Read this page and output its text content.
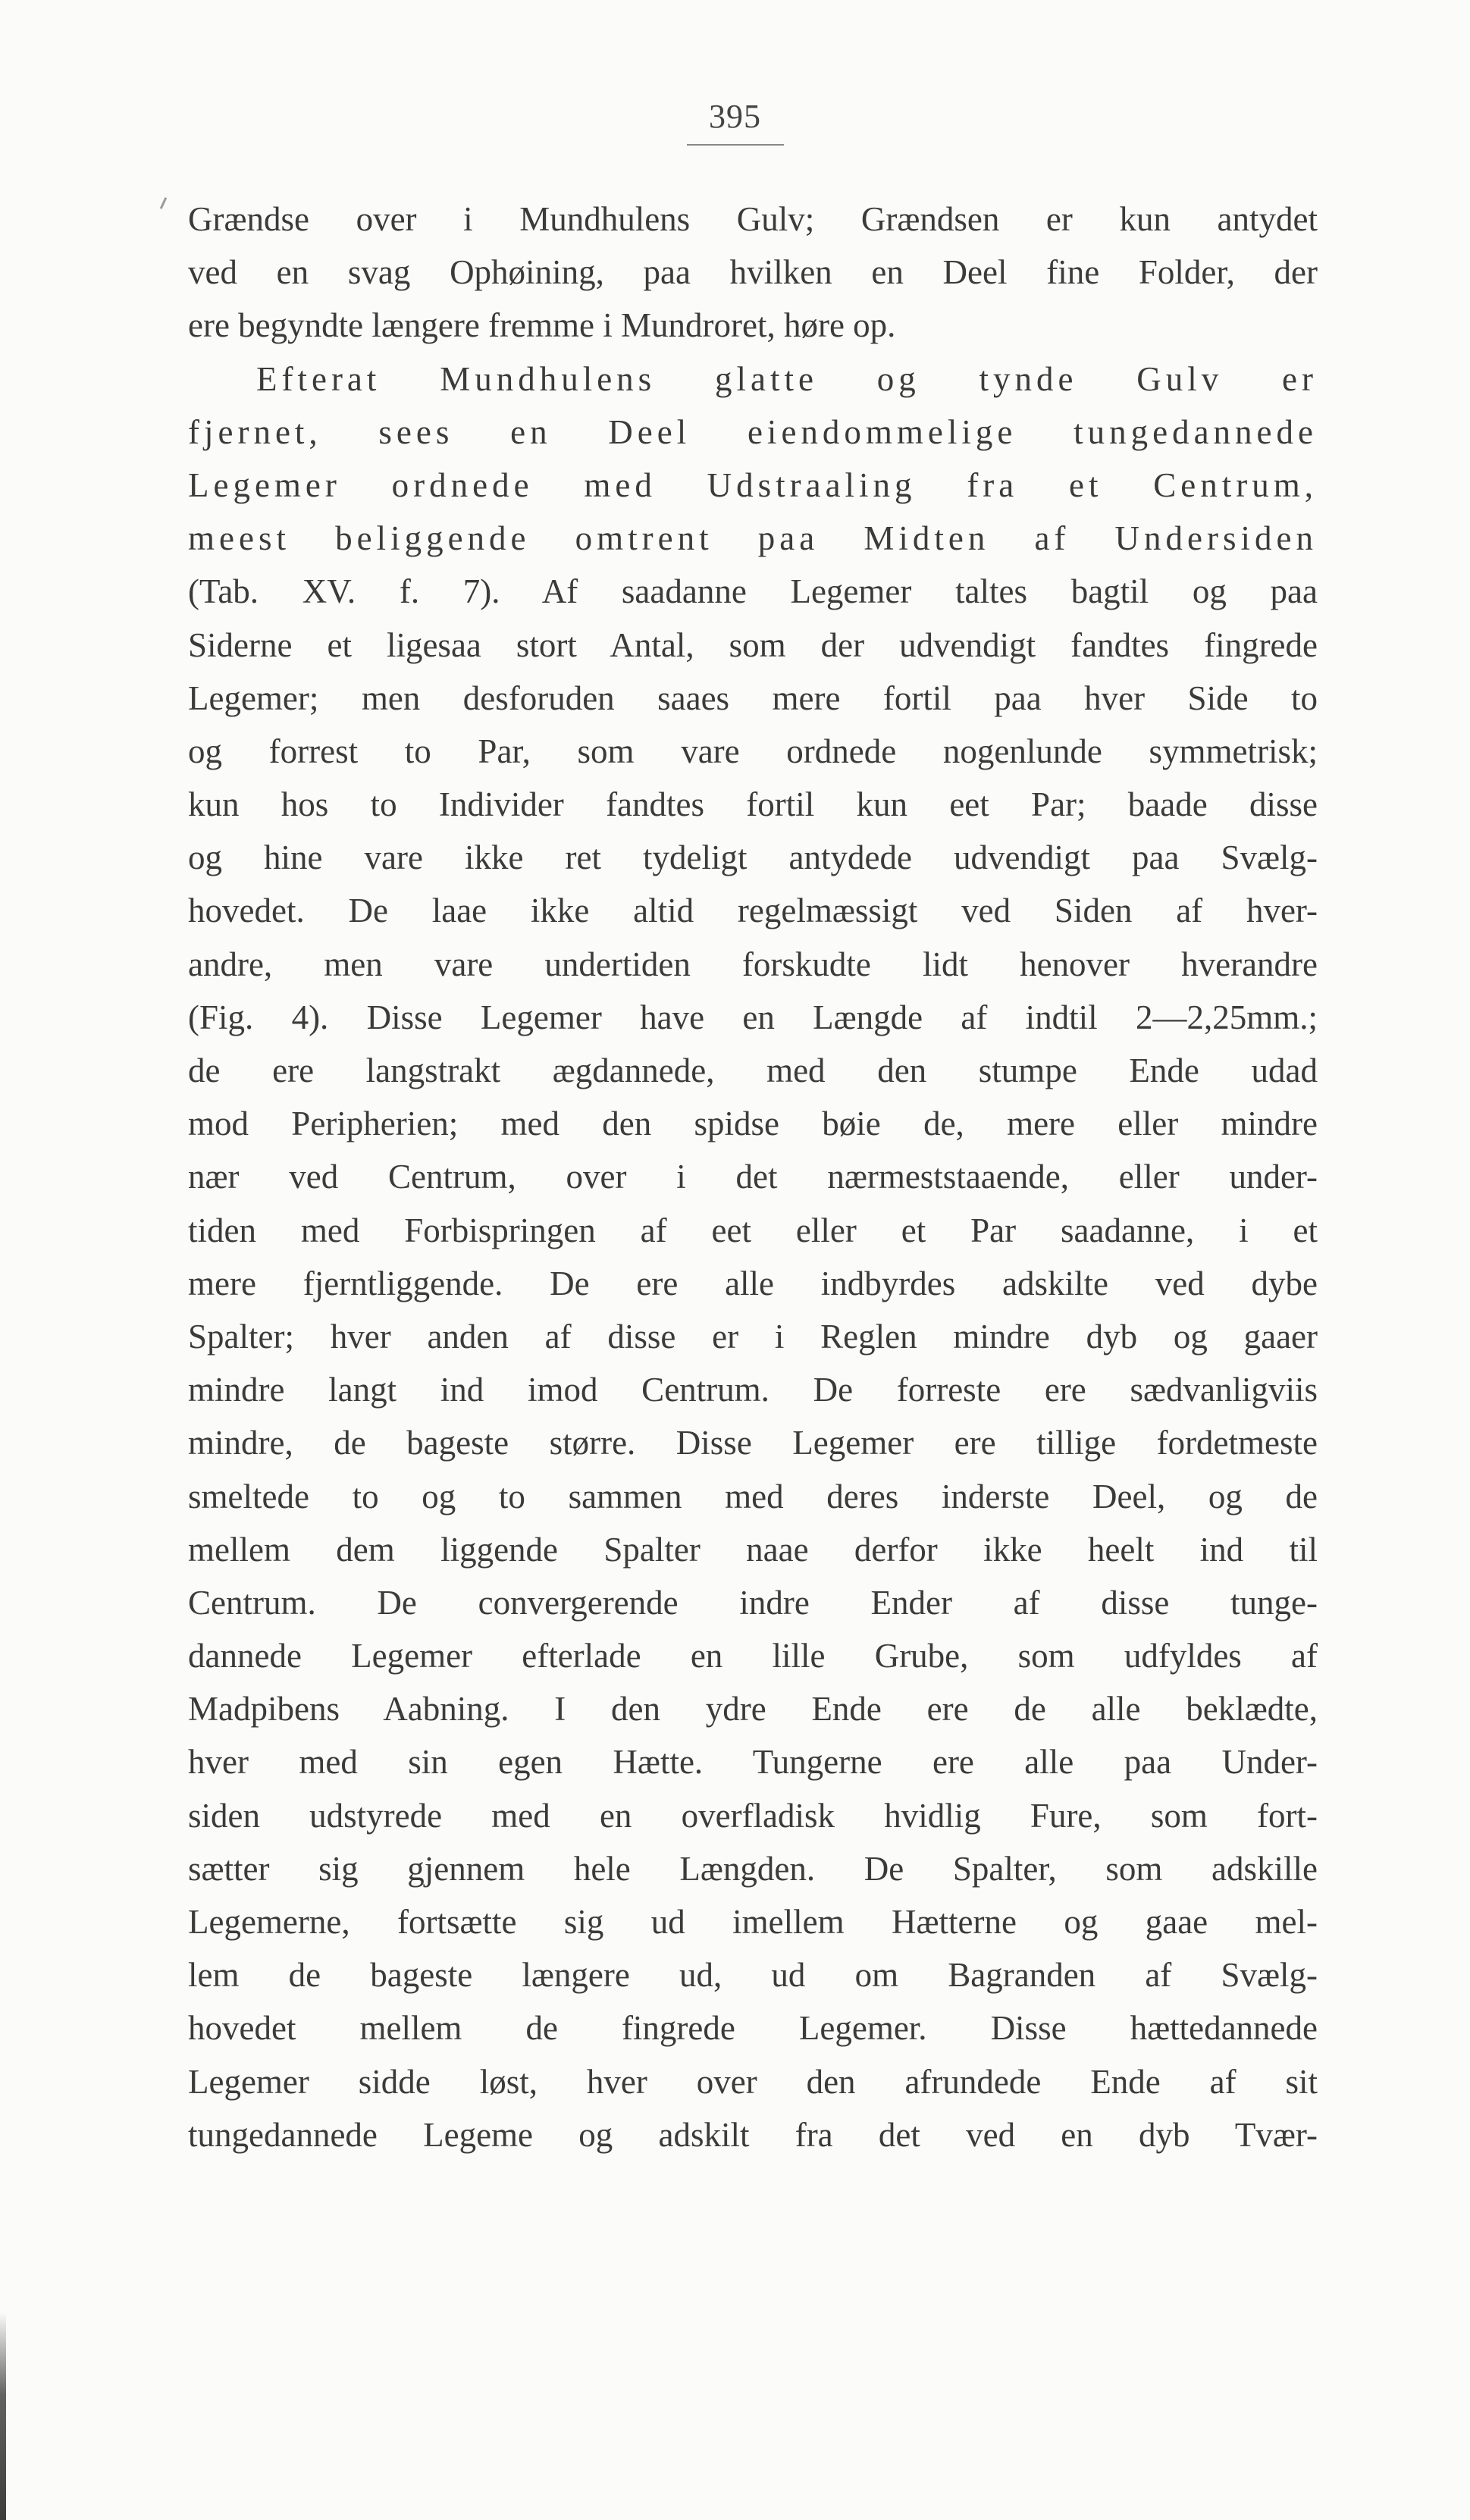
395
Grændse over i Mundhulens Gulv; Grændsen er kun antydet
ved en svag Ophøining, paa hvilken en Deel fine Folder, der
ere begyndte længere fremme i Mundroret, høre op.
Efterat Mundhulens glatte og tynde Gulv er
fjernet, sees en Deel eiendommelige tungedannede
Legemer ordnede med Udstraaling fra et Centrum,
meest beliggende omtrent paa Midten af Undersiden
(Tab. XV. f. 7). Af saadanne Legemer taltes bagtil og paa
Siderne et ligesaa stort Antal, som der udvendigt fandtes fingrede
Legemer; men desforuden saaes mere fortil paa hver Side to
og forrest to Par, som vare ordnede nogenlunde symmetrisk;
kun hos to Individer fandtes fortil kun eet Par; baade disse
og hine vare ikke ret tydeligt antydede udvendigt paa Svælg-
hovedet. De laae ikke altid regelmæssigt ved Siden af hver-
andre, men vare undertiden forskudte lidt henover hverandre
(Fig. 4). Disse Legemer have en Længde af indtil 2—2,25mm.;
de ere langstrakt ægdannede, med den stumpe Ende udad
mod Peripherien; med den spidse bøie de, mere eller mindre
nær ved Centrum, over i det nærmeststaaende, eller under-
tiden med Forbispringen af eet eller et Par saadanne, i et
mere fjerntliggende. De ere alle indbyrdes adskilte ved dybe
Spalter; hver anden af disse er i Reglen mindre dyb og gaaer
mindre langt ind imod Centrum. De forreste ere sædvanligviis
mindre, de bageste større. Disse Legemer ere tillige fordetmeste
smeltede to og to sammen med deres inderste Deel, og de
mellem dem liggende Spalter naae derfor ikke heelt ind til
Centrum. De convergerende indre Ender af disse tunge-
dannede Legemer efterlade en lille Grube, som udfyldes af
Madpibens Aabning. I den ydre Ende ere de alle beklædte,
hver med sin egen Hætte. Tungerne ere alle paa Under-
siden udstyrede med en overfladisk hvidlig Fure, som fort-
sætter sig gjennem hele Længden. De Spalter, som adskille
Legemerne, fortsætte sig ud imellem Hætterne og gaae mel-
lem de bageste længere ud, ud om Bagranden af Svælg-
hovedet mellem de fingrede Legemer. Disse hættedannede
Legemer sidde løst, hver over den afrundede Ende af sit
tungedannede Legeme og adskilt fra det ved en dyb Tvær-
